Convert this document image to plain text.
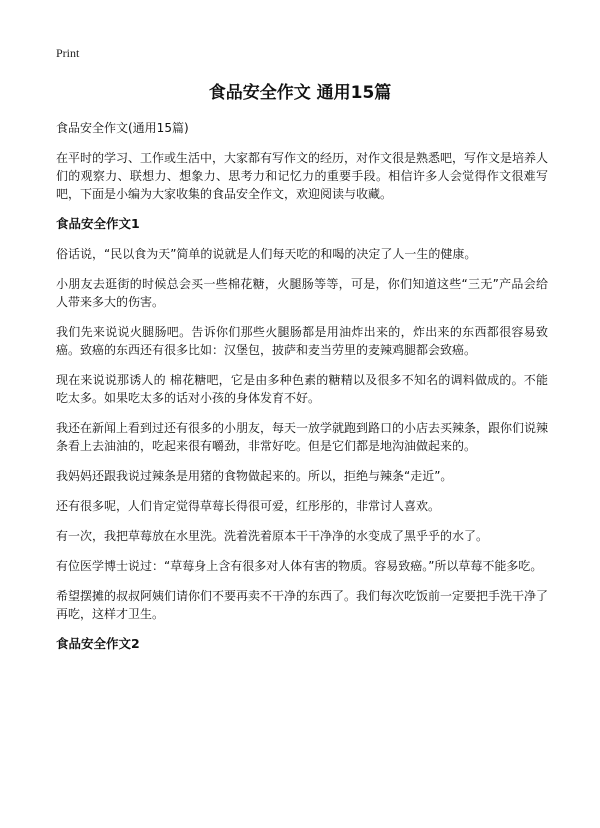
Print
食品安全作文 通用15篇

食品安全作文(通用15篇)

在平时的学习、工作或生活中，大家都有写作文的经历，对作文很是熟悉吧，写作文是培养人们的观察力、联想力、想象力、思考力和记忆力的重要手段。相信许多人会觉得作文很难写吧，下面是小编为大家收集的食品安全作文，欢迎阅读与收藏。

食品安全作文1

俗话说，“民以食为天”简单的说就是人们每天吃的和喝的决定了人一生的健康。

小朋友去逛街的时候总会买一些棉花糖，火腿肠等等，可是，你们知道这些“三无”产品会给人带来多大的伤害。

我们先来说说火腿肠吧。告诉你们那些火腿肠都是用油炸出来的，炸出来的东西都很容易致癌。致癌的东西还有很多比如：汉堡包，披萨和麦当劳里的麦辣鸡腿都会致癌。

现在来说说那诱人的 棉花糖吧，它是由多种色素的糖精以及很多不知名的调料做成的。不能吃太多。如果吃太多的话对小孩的身体发育不好。

我还在新闻上看到过还有很多的小朋友，每天一放学就跑到路口的小店去买辣条，跟你们说辣条看上去油油的，吃起来很有嚼劲，非常好吃。但是它们都是地沟油做起来的。

我妈妈还跟我说过辣条是用猪的食物做起来的。所以，拒绝与辣条“走近”。

还有很多呢，人们肯定觉得草莓长得很可爱，红彤彤的，非常讨人喜欢。

有一次，我把草莓放在水里洗。洗着洗着原本干干净净的水变成了黑乎乎的水了。

有位医学博士说过：“草莓身上含有很多对人体有害的物质。容易致癌。”所以草莓不能多吃。

希望摆摊的叔叔阿姨们请你们不要再卖不干净的东西了。我们每次吃饭前一定要把手洗干净了再吃，这样才卫生。

食品安全作文2
